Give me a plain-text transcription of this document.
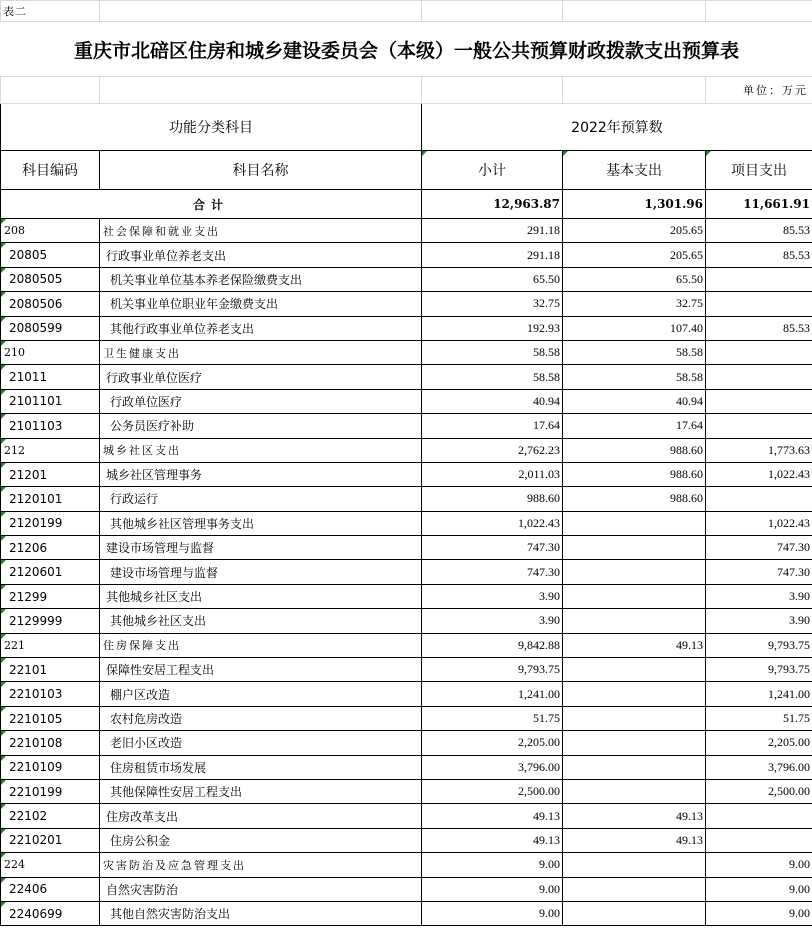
表二				
重庆市北碚区住房和城乡建设委员会（本级）一般公共预算财政拨款支出预算表				
				单位：万元
功能分类科目		2022年预算数		
科目编码	科目名称	小计	基本支出	项目支出
合计		12,963.87	1,301.96	11,661.91
208	社会保障和就业支出	291.18	205.65	85.53
20805	行政事业单位养老支出	291.18	205.65	85.53
2080505	机关事业单位基本养老保险缴费支出	65.50	65.50	
2080506	机关事业单位职业年金缴费支出	32.75	32.75	
2080599	其他行政事业单位养老支出	192.93	107.40	85.53
210	卫生健康支出	58.58	58.58	
21011	行政事业单位医疗	58.58	58.58	
2101101	行政单位医疗	40.94	40.94	
2101103	公务员医疗补助	17.64	17.64	
212	城乡社区支出	2,762.23	988.60	1,773.63
21201	城乡社区管理事务	2,011.03	988.60	1,022.43
2120101	行政运行	988.60	988.60	
2120199	其他城乡社区管理事务支出	1,022.43		1,022.43
21206	建设市场管理与监督	747.30		747.30
2120601	建设市场管理与监督	747.30		747.30
21299	其他城乡社区支出	3.90		3.90
2129999	其他城乡社区支出	3.90		3.90
221	住房保障支出	9,842.88	49.13	9,793.75
22101	保障性安居工程支出	9,793.75		9,793.75
2210103	棚户区改造	1,241.00		1,241.00
2210105	农村危房改造	51.75		51.75
2210108	老旧小区改造	2,205.00		2,205.00
2210109	住房租赁市场发展	3,796.00		3,796.00
2210199	其他保障性安居工程支出	2,500.00		2,500.00
22102	住房改革支出	49.13	49.13	
2210201	住房公积金	49.13	49.13	
224	灾害防治及应急管理支出	9.00		9.00
22406	自然灾害防治	9.00		9.00
2240699	其他自然灾害防治支出	9.00		9.00
